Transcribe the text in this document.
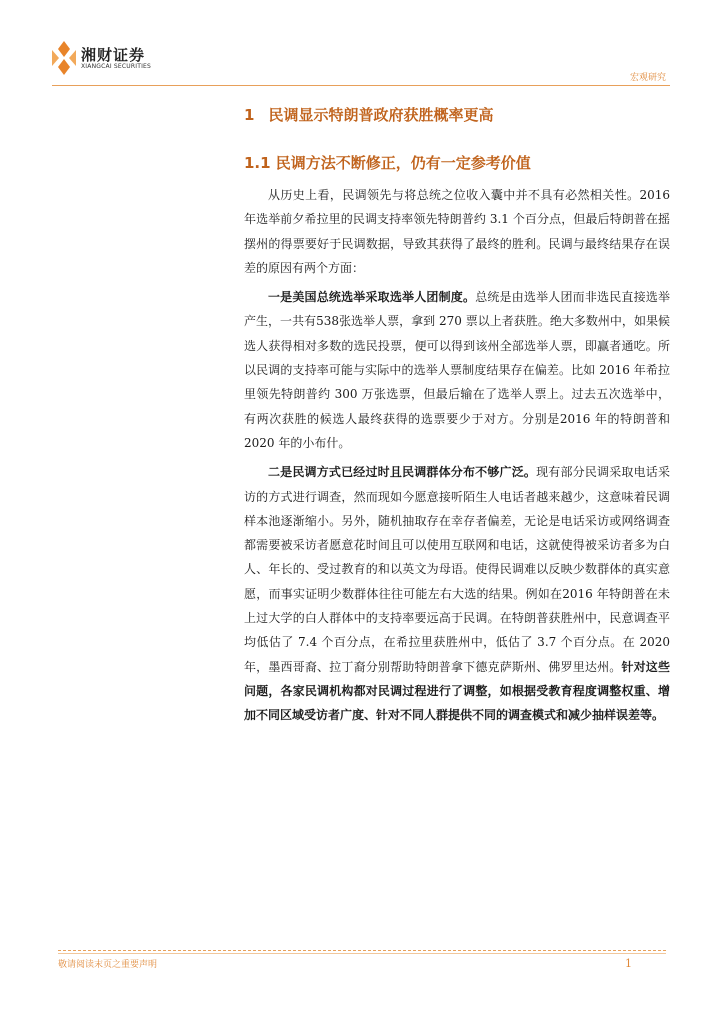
湘财证券
XIANGCAI SECURITIES
宏观研究
1 民调显示特朗普政府获胜概率更高
1.1 民调方法不断修正，仍有一定参考价值

从历史上看，民调领先与将总统之位收入囊中并不具有必然相关性。2016年选举前夕希拉里的民调支持率领先特朗普约 3.1 个百分点，但最后特朗普在摇摆州的得票要好于民调数据，导致其获得了最终的胜利。民调与最终结果存在误差的原因有两个方面：

一是美国总统选举采取选举人团制度。总统是由选举人团而非选民直接选举产生，一共有538张选举人票，拿到 270 票以上者获胜。绝大多数州中，如果候选人获得相对多数的选民投票，便可以得到该州全部选举人票，即赢者通吃。所以民调的支持率可能与实际中的选举人票制度结果存在偏差。比如 2016 年希拉里领先特朗普约 300 万张选票，但最后输在了选举人票上。过去五次选举中，有两次获胜的候选人最终获得的选票要少于对方。分别是2016 年的特朗普和 2020 年的小布什。

二是民调方式已经过时且民调群体分布不够广泛。现有部分民调采取电话采访的方式进行调查，然而现如今愿意接听陌生人电话者越来越少，这意味着民调样本池逐渐缩小。另外，随机抽取存在幸存者偏差，无论是电话采访或网络调查都需要被采访者愿意花时间且可以使用互联网和电话，这就使得被采访者多为白人、年长的、受过教育的和以英文为母语。使得民调难以反映少数群体的真实意愿，而事实证明少数群体往往可能左右大选的结果。例如在2016 年特朗普在未上过大学的白人群体中的支持率要远高于民调。在特朗普获胜州中，民意调查平均低估了 7.4 个百分点，在希拉里获胜州中，低估了 3.7 个百分点。在 2020 年，墨西哥裔、拉丁裔分别帮助特朗普拿下德克萨斯州、佛罗里达州。针对这些问题，各家民调机构都对民调过程进行了调整，如根据受教育程度调整权重、增加不同区域受访者广度、针对不同人群提供不同的调查模式和减少抽样误差等。

敬请阅读末页之重要声明	1
